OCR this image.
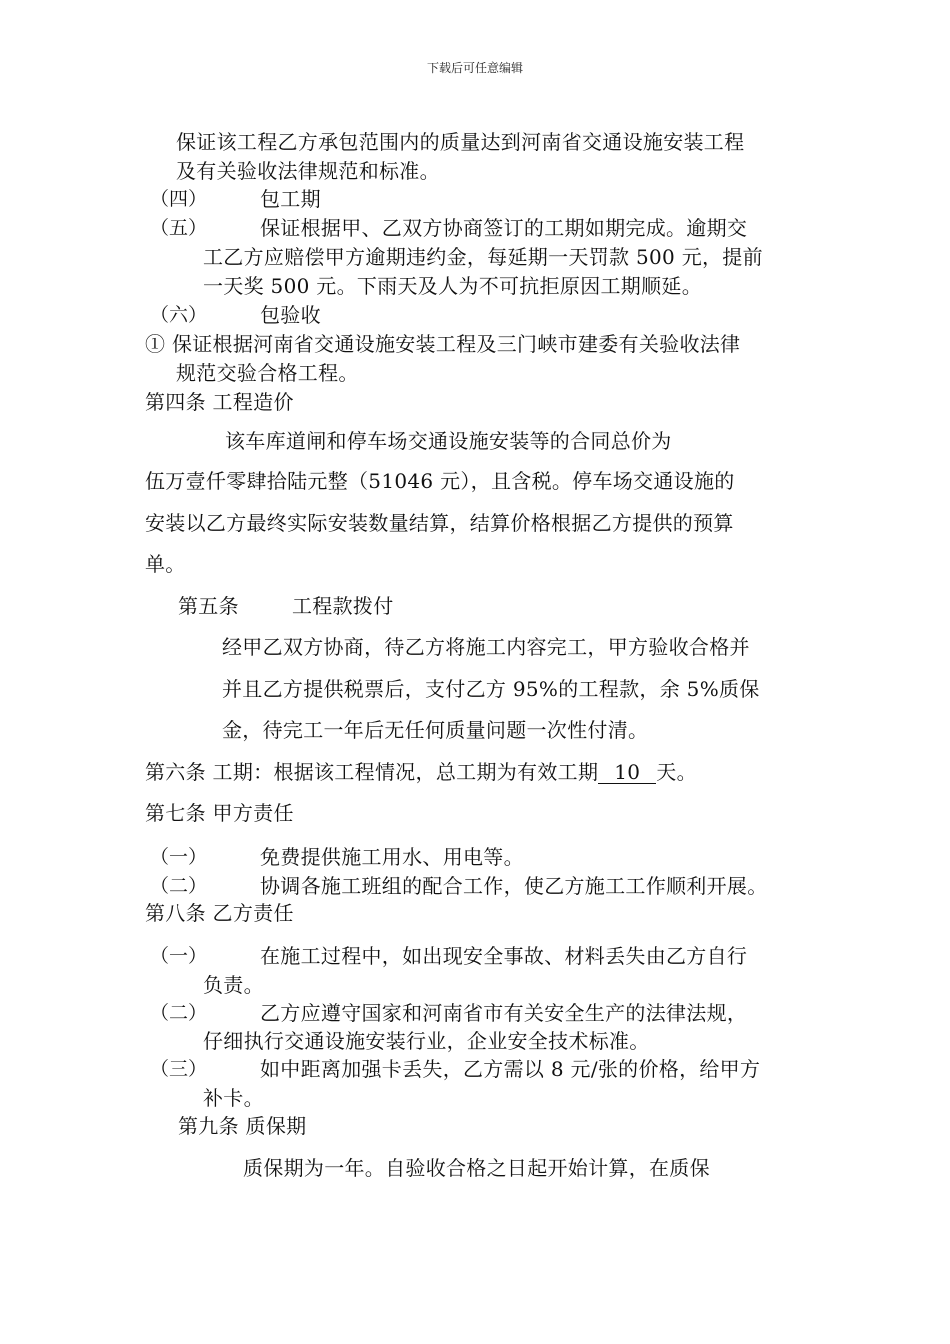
下载后可任意编辑
保证该工程乙方承包范围内的质量达到河南省交通设施安装工程
及有关验收法律规范和标准。
（四）	包工期
（五）	保证根据甲、乙双方协商签订的工期如期完成。逾期交
工乙方应赔偿甲方逾期违约金，每延期一天罚款 500 元，提前
一天奖 500 元。下雨天及人为不可抗拒原因工期顺延。
（六）	包验收
① 保证根据河南省交通设施安装工程及三门峡市建委有关验收法律
规范交验合格工程。
第四条 工程造价
该车库道闸和停车场交通设施安装等的合同总价为
伍万壹仟零肆拾陆元整（51046 元），且含税。停车场交通设施的
安装以乙方最终实际安装数量结算，结算价格根据乙方提供的预算
单。
第五条	工程款拨付
经甲乙双方协商，待乙方将施工内容完工，甲方验收合格并
并且乙方提供税票后，支付乙方 95%的工程款，余 5%质保
金，待完工一年后无任何质量问题一次性付清。
第六条 工期：根据该工程情况，总工期为有效工期 10 天。
第七条 甲方责任
（一）	免费提供施工用水、用电等。
（二）	协调各施工班组的配合工作，使乙方施工工作顺利开展。
第八条 乙方责任
（一）	在施工过程中，如出现安全事故、材料丢失由乙方自行
负责。
（二）	乙方应遵守国家和河南省市有关安全生产的法律法规，
仔细执行交通设施安装行业，企业安全技术标准。
（三）	如中距离加强卡丢失，乙方需以 8 元/张的价格，给甲方
补卡。
第九条 质保期
质保期为一年。自验收合格之日起开始计算，在质保
